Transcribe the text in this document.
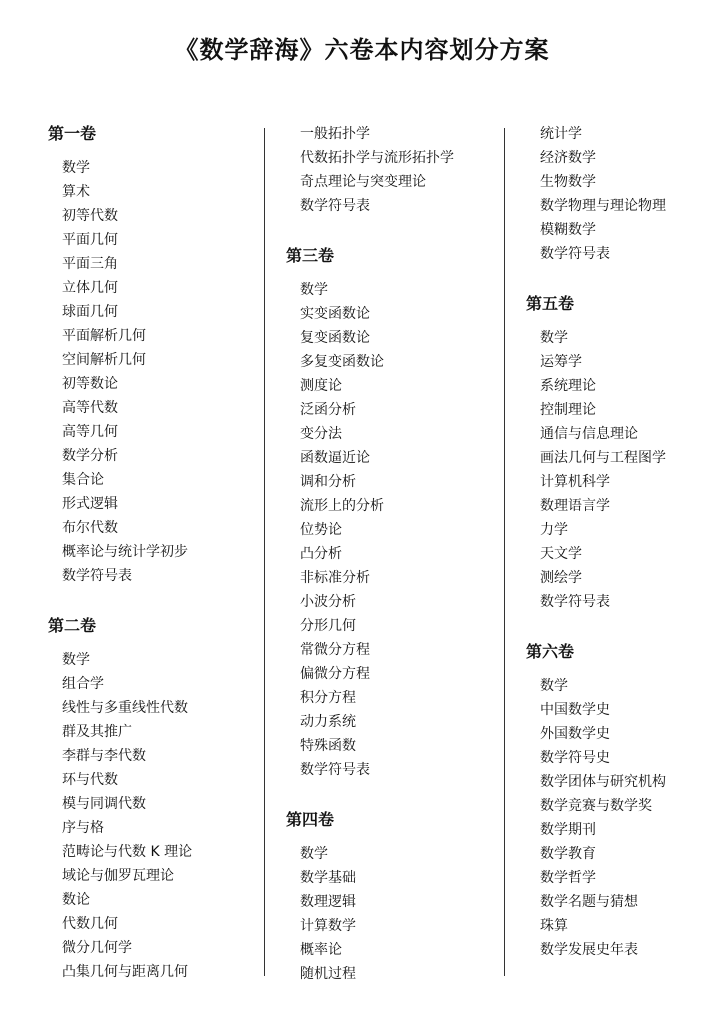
《数学辞海》六卷本内容划分方案
第一卷
数学
算术
初等代数
平面几何
平面三角
立体几何
球面几何
平面解析几何
空间解析几何
初等数论
高等代数
高等几何
数学分析
集合论
形式逻辑
布尔代数
概率论与统计学初步
数学符号表
第二卷
数学
组合学
线性与多重线性代数
群及其推广
李群与李代数
环与代数
模与同调代数
序与格
范畴论与代数 K 理论
域论与伽罗瓦理论
数论
代数几何
微分几何学
凸集几何与距离几何
一般拓扑学
代数拓扑学与流形拓扑学
奇点理论与突变理论
数学符号表
第三卷
数学
实变函数论
复变函数论
多复变函数论
测度论
泛函分析
变分法
函数逼近论
调和分析
流形上的分析
位势论
凸分析
非标准分析
小波分析
分形几何
常微分方程
偏微分方程
积分方程
动力系统
特殊函数
数学符号表
第四卷
数学
数学基础
数理逻辑
计算数学
概率论
随机过程
统计学
经济数学
生物数学
数学物理与理论物理
模糊数学
数学符号表
第五卷
数学
运筹学
系统理论
控制理论
通信与信息理论
画法几何与工程图学
计算机科学
数理语言学
力学
天文学
测绘学
数学符号表
第六卷
数学
中国数学史
外国数学史
数学符号史
数学团体与研究机构
数学竞赛与数学奖
数学期刊
数学教育
数学哲学
数学名题与猜想
珠算
数学发展史年表
